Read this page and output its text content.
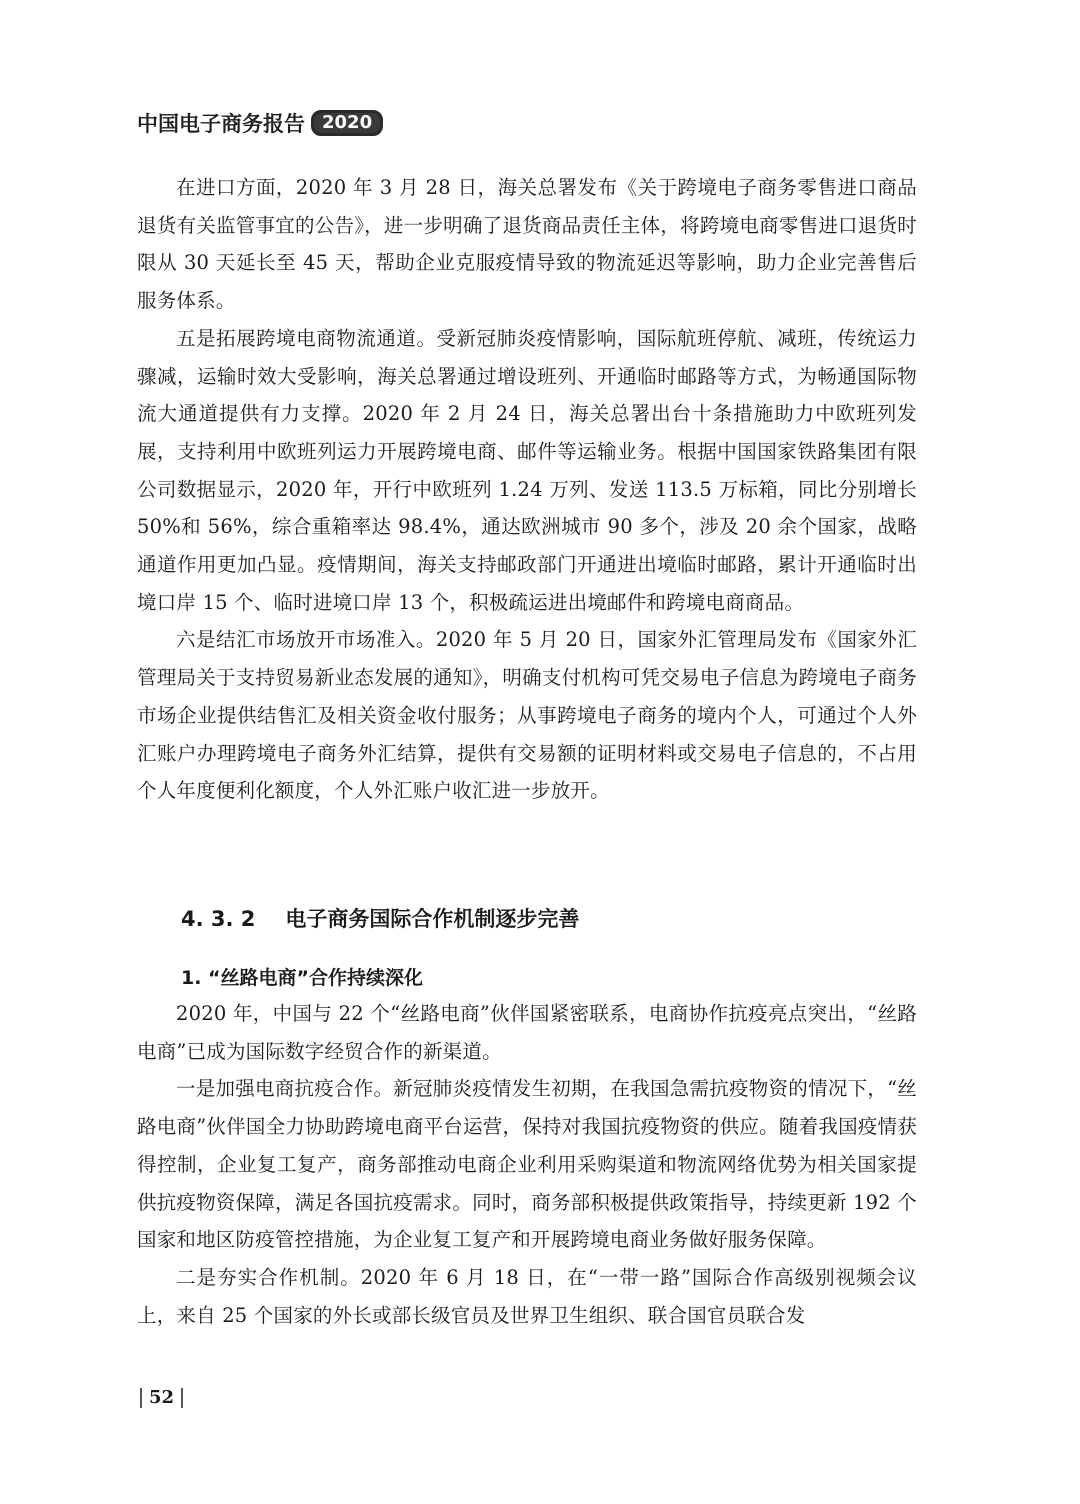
中国电子商务报告 2020

在进口方面，2020 年 3 月 28 日，海关总署发布《关于跨境电子商务零售进口商品退货有关监管事宜的公告》，进一步明确了退货商品责任主体，将跨境电商零售进口退货时限从 30 天延长至 45 天，帮助企业克服疫情导致的物流延迟等影响，助力企业完善售后服务体系。

五是拓展跨境电商物流通道。受新冠肺炎疫情影响，国际航班停航、减班，传统运力骤减，运输时效大受影响，海关总署通过增设班列、开通临时邮路等方式，为畅通国际物流大通道提供有力支撑。2020 年 2 月 24 日，海关总署出台十条措施助力中欧班列发展，支持利用中欧班列运力开展跨境电商、邮件等运输业务。根据中国国家铁路集团有限公司数据显示，2020 年，开行中欧班列 1.24 万列、发送 113.5 万标箱，同比分别增长 50%和 56%，综合重箱率达 98.4%，通达欧洲城市 90 多个，涉及 20 余个国家，战略通道作用更加凸显。疫情期间，海关支持邮政部门开通进出境临时邮路，累计开通临时出境口岸 15 个、临时进境口岸 13 个，积极疏运进出境邮件和跨境电商商品。

六是结汇市场放开市场准入。2020 年 5 月 20 日，国家外汇管理局发布《国家外汇管理局关于支持贸易新业态发展的通知》，明确支付机构可凭交易电子信息为跨境电子商务市场企业提供结售汇及相关资金收付服务；从事跨境电子商务的境内个人，可通过个人外汇账户办理跨境电子商务外汇结算，提供有交易额的证明材料或交易电子信息的，不占用个人年度便利化额度，个人外汇账户收汇进一步放开。

4. 3. 2 电子商务国际合作机制逐步完善
1. “丝路电商”合作持续深化

2020 年，中国与 22 个“丝路电商”伙伴国紧密联系，电商协作抗疫亮点突出，“丝路电商”已成为国际数字经贸合作的新渠道。

一是加强电商抗疫合作。新冠肺炎疫情发生初期，在我国急需抗疫物资的情况下，“丝路电商”伙伴国全力协助跨境电商平台运营，保持对我国抗疫物资的供应。随着我国疫情获得控制，企业复工复产，商务部推动电商企业利用采购渠道和物流网络优势为相关国家提供抗疫物资保障，满足各国抗疫需求。同时，商务部积极提供政策指导，持续更新 192 个国家和地区防疫管控措施，为企业复工复产和开展跨境电商业务做好服务保障。

二是夯实合作机制。2020 年 6 月 18 日，在“一带一路”国际合作高级别视频会议上，来自 25 个国家的外长或部长级官员及世界卫生组织、联合国官员联合发

52
